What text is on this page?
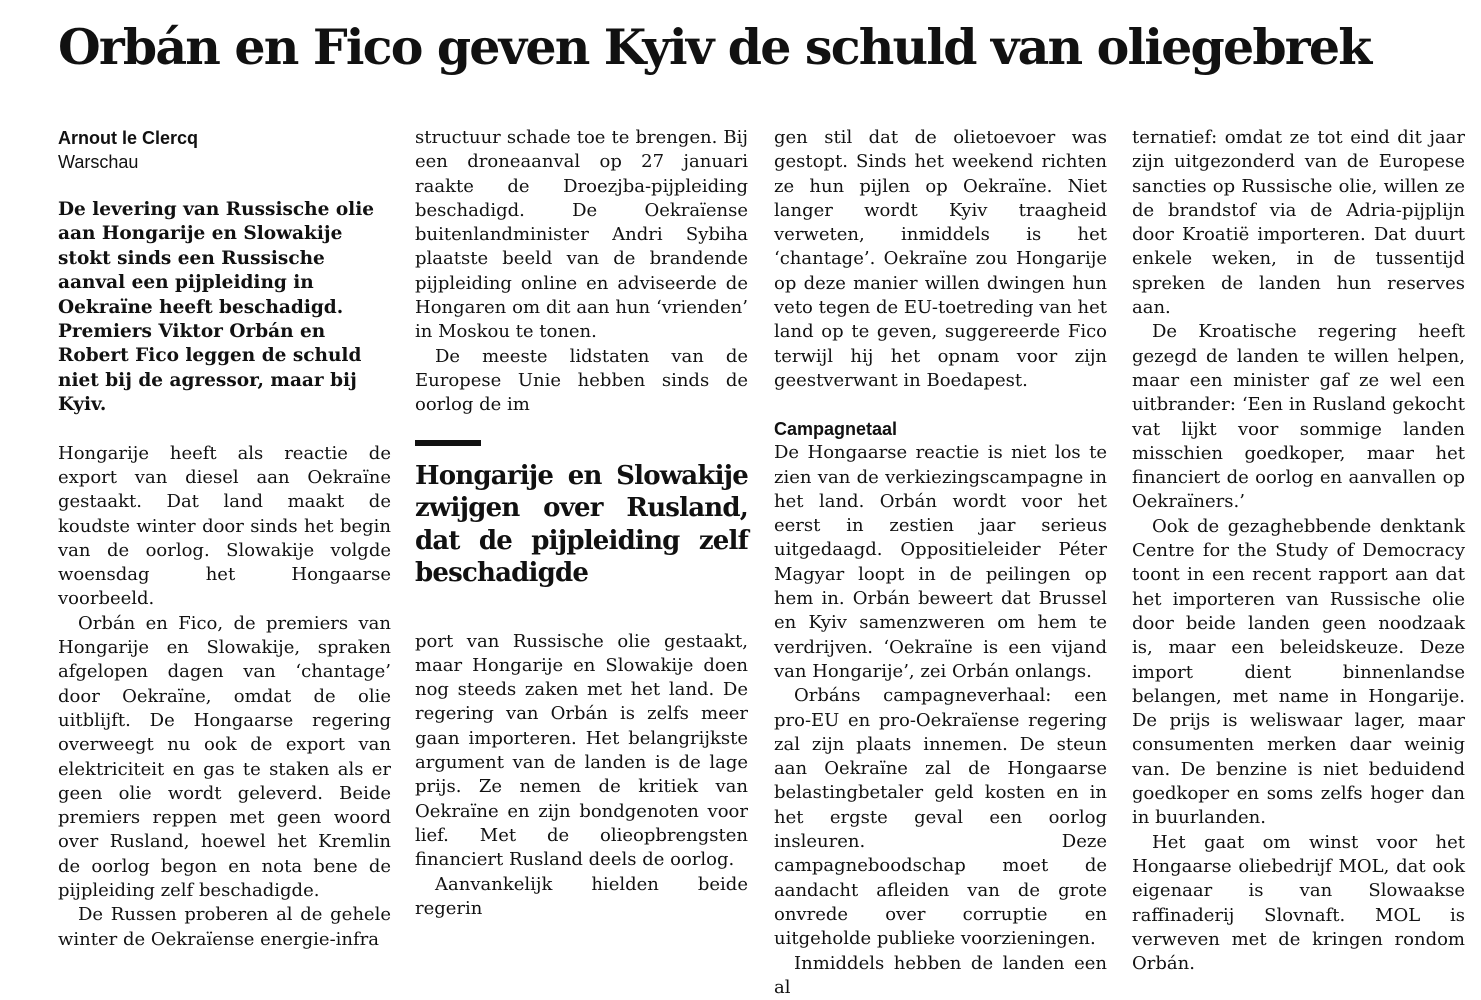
Orbán en Fico geven Kyiv de schuld van oliegebrek
Arnout le Clercq
Warschau

De levering van Russische olie aan Hongarije en Slowakije stokt sinds een Russische aanval een pijpleiding in Oekraïne heeft beschadigd. Premiers Viktor Orbán en Robert Fico leggen de schuld niet bij de agressor, maar bij Kyiv.

Hongarije heeft als reactie de export van diesel aan Oekraïne gestaakt. Dat land maakt de koudste winter door sinds het begin van de oorlog. Slowakije volgde woensdag het Hongaarse voorbeeld.

Orbán en Fico, de premiers van Hongarije en Slowakije, spraken afgelopen dagen van ‘chantage’ door Oekraïne, omdat de olie uitblijft. De Hongaarse regering overweegt nu ook de export van elektriciteit en gas te staken als er geen olie wordt geleverd. Beide premiers reppen met geen woord over Rusland, hoewel het Kremlin de oorlog begon en nota bene de pijpleiding zelf beschadigde.

De Russen proberen al de gehele winter de Oekraïense energie-infra

structuur schade toe te brengen. Bij een droneaanval op 27 januari raakte de Droezjba-pijpleiding beschadigd. De Oekraïense buitenlandminister Andri Sybiha plaatste beeld van de brandende pijpleiding online en adviseerde de Hongaren om dit aan hun ‘vrienden’ in Moskou te tonen.

De meeste lidstaten van de Europese Unie hebben sinds de oorlog de im

Hongarije en Slowakije zwijgen over Rusland, dat de pijpleiding zelf beschadigde

port van Russische olie gestaakt, maar Hongarije en Slowakije doen nog steeds zaken met het land. De regering van Orbán is zelfs meer gaan importeren. Het belangrijkste argument van de landen is de lage prijs. Ze nemen de kritiek van Oekraïne en zijn bondgenoten voor lief. Met de olieopbrengsten financiert Rusland deels de oorlog.

Aanvankelijk hielden beide regerin

gen stil dat de olietoevoer was gestopt. Sinds het weekend richten ze hun pijlen op Oekraïne. Niet langer wordt Kyiv traagheid verweten, inmiddels is het ‘chantage’. Oekraïne zou Hongarije op deze manier willen dwingen hun veto tegen de EU-toetreding van het land op te geven, suggereerde Fico terwijl hij het opnam voor zijn geestverwant in Boedapest.

Campagnetaal

De Hongaarse reactie is niet los te zien van de verkiezingscampagne in het land. Orbán wordt voor het eerst in zestien jaar serieus uitgedaagd. Oppositieleider Péter Magyar loopt in de peilingen op hem in. Orbán beweert dat Brussel en Kyiv samenzweren om hem te verdrijven. ‘Oekraïne is een vijand van Hongarije’, zei Orbán onlangs.

Orbáns campagneverhaal: een pro-EU en pro-Oekraïense regering zal zijn plaats innemen. De steun aan Oekraïne zal de Hongaarse belastingbetaler geld kosten en in het ergste geval een oorlog insleuren. Deze campagneboodschap moet de aandacht afleiden van de grote onvrede over corruptie en uitgeholde publieke voorzieningen.

Inmiddels hebben de landen een al

ternatief: omdat ze tot eind dit jaar zijn uitgezonderd van de Europese sancties op Russische olie, willen ze de brandstof via de Adria-pijplijn door Kroatië importeren. Dat duurt enkele weken, in de tussentijd spreken de landen hun reserves aan.

De Kroatische regering heeft gezegd de landen te willen helpen, maar een minister gaf ze wel een uitbrander: ‘Een in Rusland gekocht vat lijkt voor sommige landen misschien goedkoper, maar het financiert de oorlog en aanvallen op Oekraïners.’

Ook de gezaghebbende denktank Centre for the Study of Democracy toont in een recent rapport aan dat het importeren van Russische olie door beide landen geen noodzaak is, maar een beleidskeuze. Deze import dient binnenlandse belangen, met name in Hongarije. De prijs is weliswaar lager, maar consumenten merken daar weinig van. De benzine is niet beduidend goedkoper en soms zelfs hoger dan in buurlanden.

Het gaat om winst voor het Hongaarse oliebedrijf MOL, dat ook eigenaar is van Slowaakse raffinaderij Slovnaft. MOL is verweven met de kringen rondom Orbán.
